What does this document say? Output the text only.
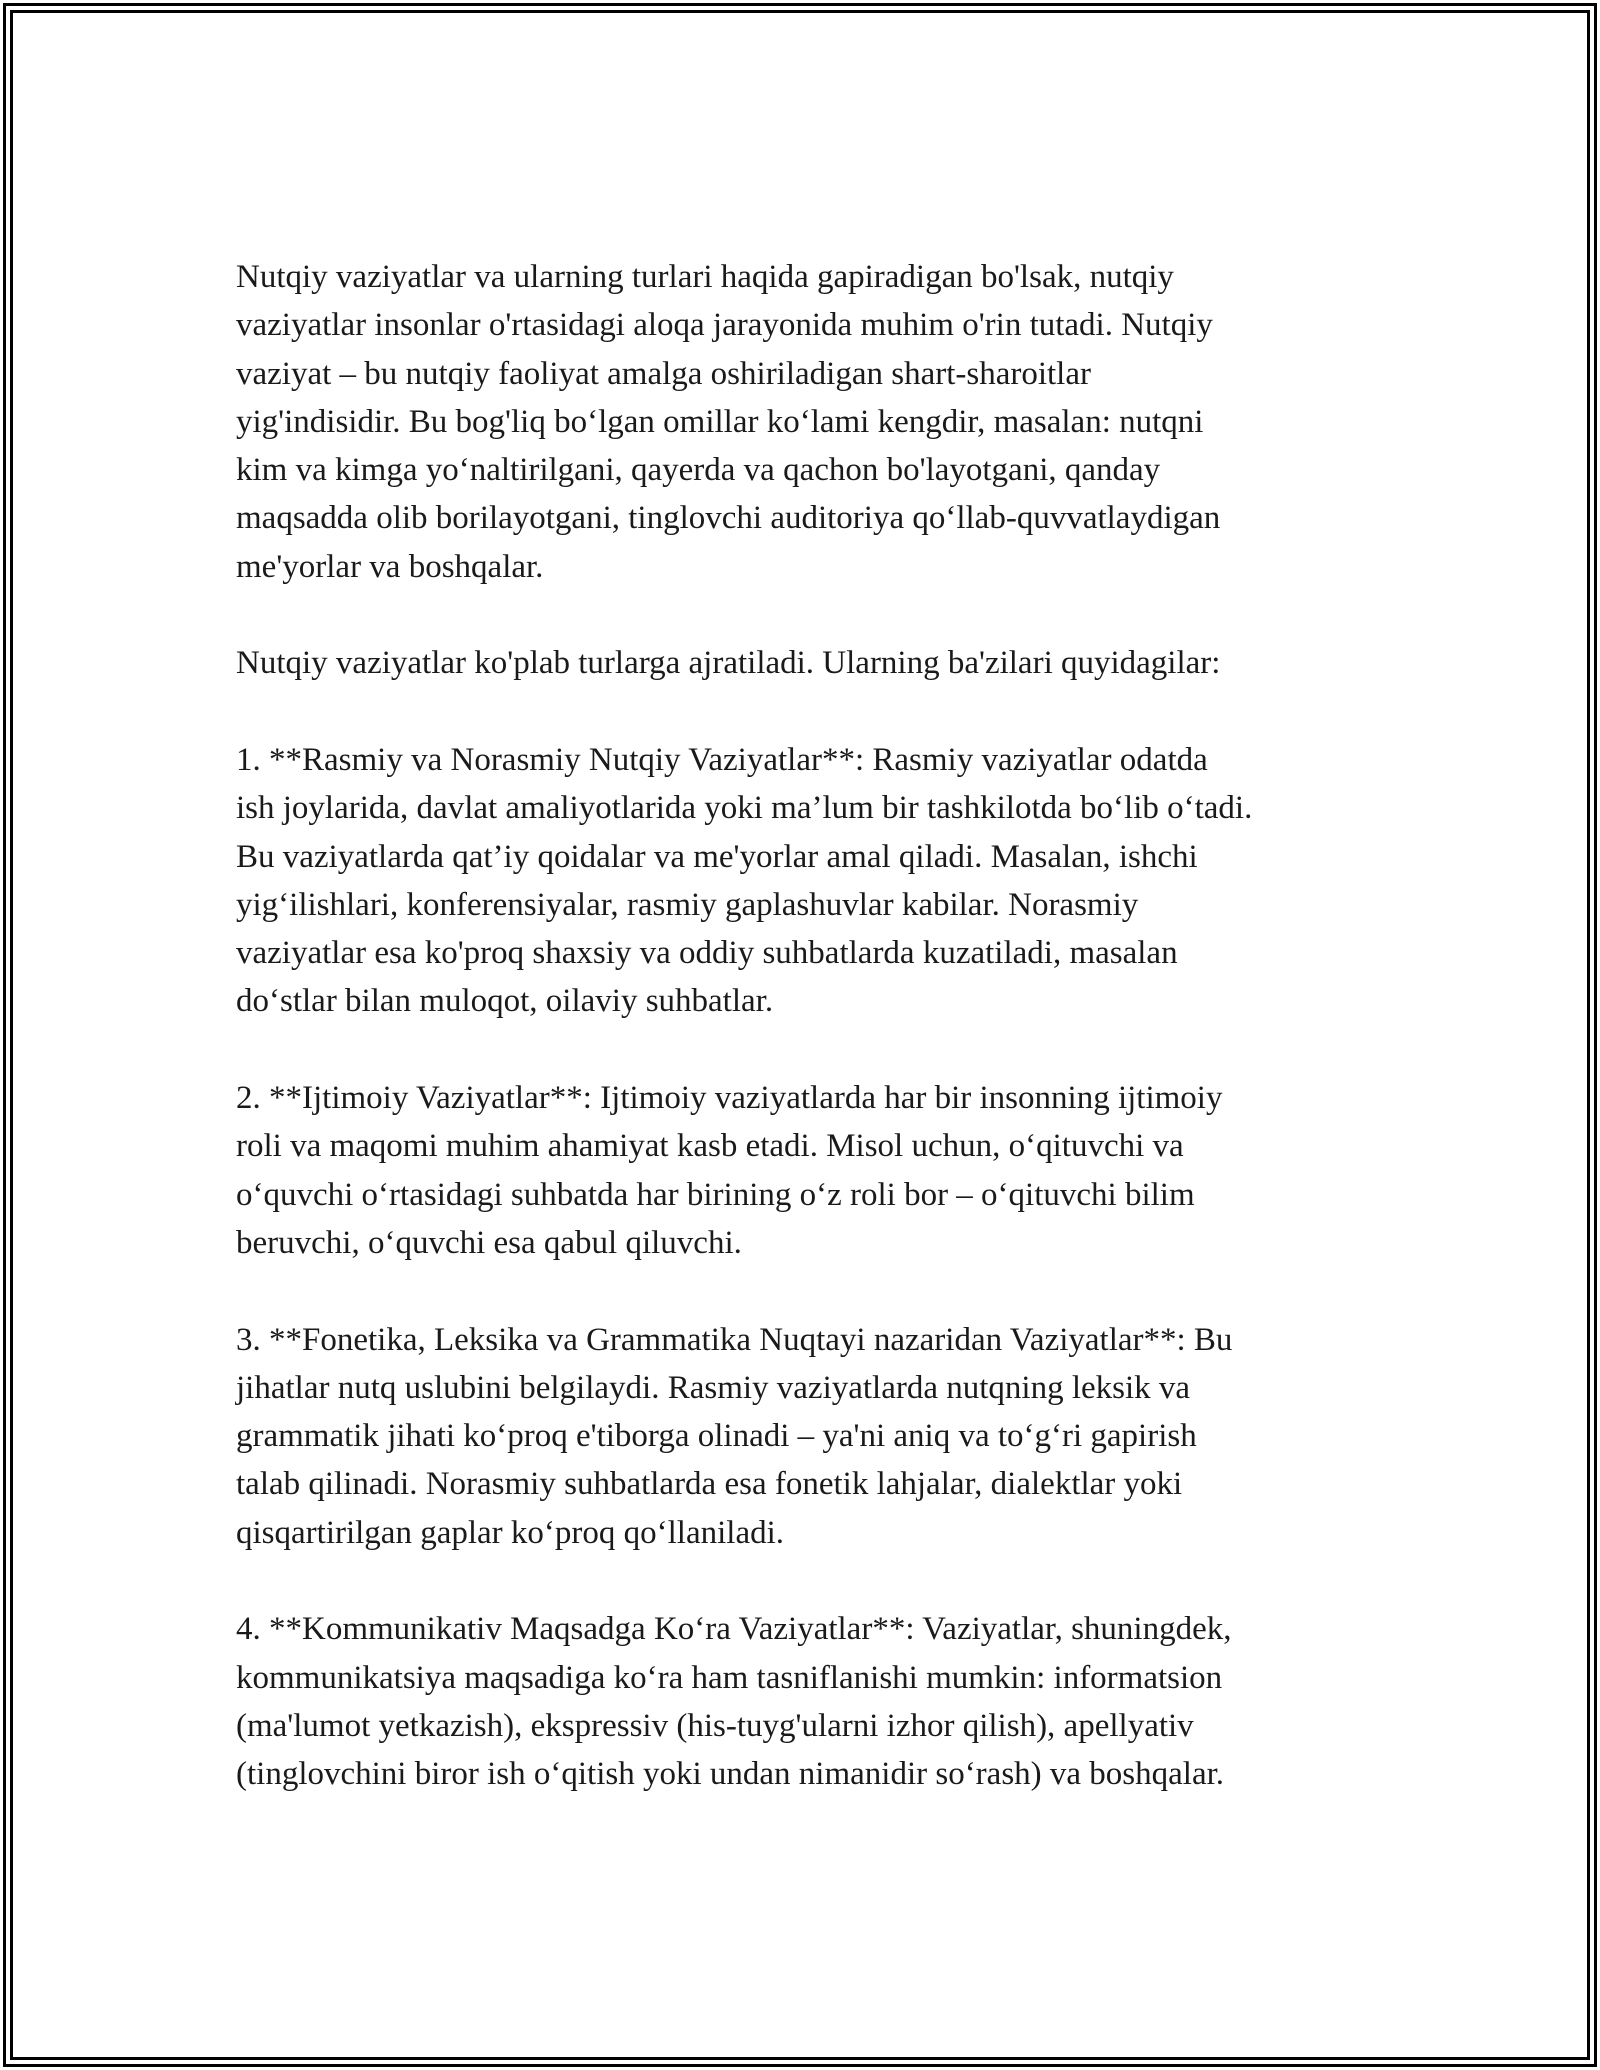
Nutqiy vaziyatlar va ularning turlari haqida gapiradigan bo'lsak, nutqiy
vaziyatlar insonlar o'rtasidagi aloqa jarayonida muhim o'rin tutadi. Nutqiy
vaziyat – bu nutqiy faoliyat amalga oshiriladigan shart-sharoitlar
yig'indisidir. Bu bog'liq bo‘lgan omillar ko‘lami kengdir, masalan: nutqni
kim va kimga yo‘naltirilgani, qayerda va qachon bo'layotgani, qanday
maqsadda olib borilayotgani, tinglovchi auditoriya qo‘llab-quvvatlaydigan
me'yorlar va boshqalar.

Nutqiy vaziyatlar ko'plab turlarga ajratiladi. Ularning ba'zilari quyidagilar:

1. **Rasmiy va Norasmiy Nutqiy Vaziyatlar**: Rasmiy vaziyatlar odatda
ish joylarida, davlat amaliyotlarida yoki ma’lum bir tashkilotda bo‘lib o‘tadi.
Bu vaziyatlarda qat’iy qoidalar va me'yorlar amal qiladi. Masalan, ishchi
yig‘ilishlari, konferensiyalar, rasmiy gaplashuvlar kabilar. Norasmiy
vaziyatlar esa ko'proq shaxsiy va oddiy suhbatlarda kuzatiladi, masalan
do‘stlar bilan muloqot, oilaviy suhbatlar.

2. **Ijtimoiy Vaziyatlar**: Ijtimoiy vaziyatlarda har bir insonning ijtimoiy
roli va maqomi muhim ahamiyat kasb etadi. Misol uchun, o‘qituvchi va
o‘quvchi o‘rtasidagi suhbatda har birining o‘z roli bor – o‘qituvchi bilim
beruvchi, o‘quvchi esa qabul qiluvchi.

3. **Fonetika, Leksika va Grammatika Nuqtayi nazaridan Vaziyatlar**: Bu
jihatlar nutq uslubini belgilaydi. Rasmiy vaziyatlarda nutqning leksik va
grammatik jihati ko‘proq e'tiborga olinadi – ya'ni aniq va to‘g‘ri gapirish
talab qilinadi. Norasmiy suhbatlarda esa fonetik lahjalar, dialektlar yoki
qisqartirilgan gaplar ko‘proq qo‘llaniladi.

4. **Kommunikativ Maqsadga Ko‘ra Vaziyatlar**: Vaziyatlar, shuningdek,
kommunikatsiya maqsadiga ko‘ra ham tasniflanishi mumkin: informatsion
(ma'lumot yetkazish), ekspressiv (his-tuyg'ularni izhor qilish), apellyativ
(tinglovchini biror ish o‘qitish yoki undan nimanidir so‘rash) va boshqalar.
